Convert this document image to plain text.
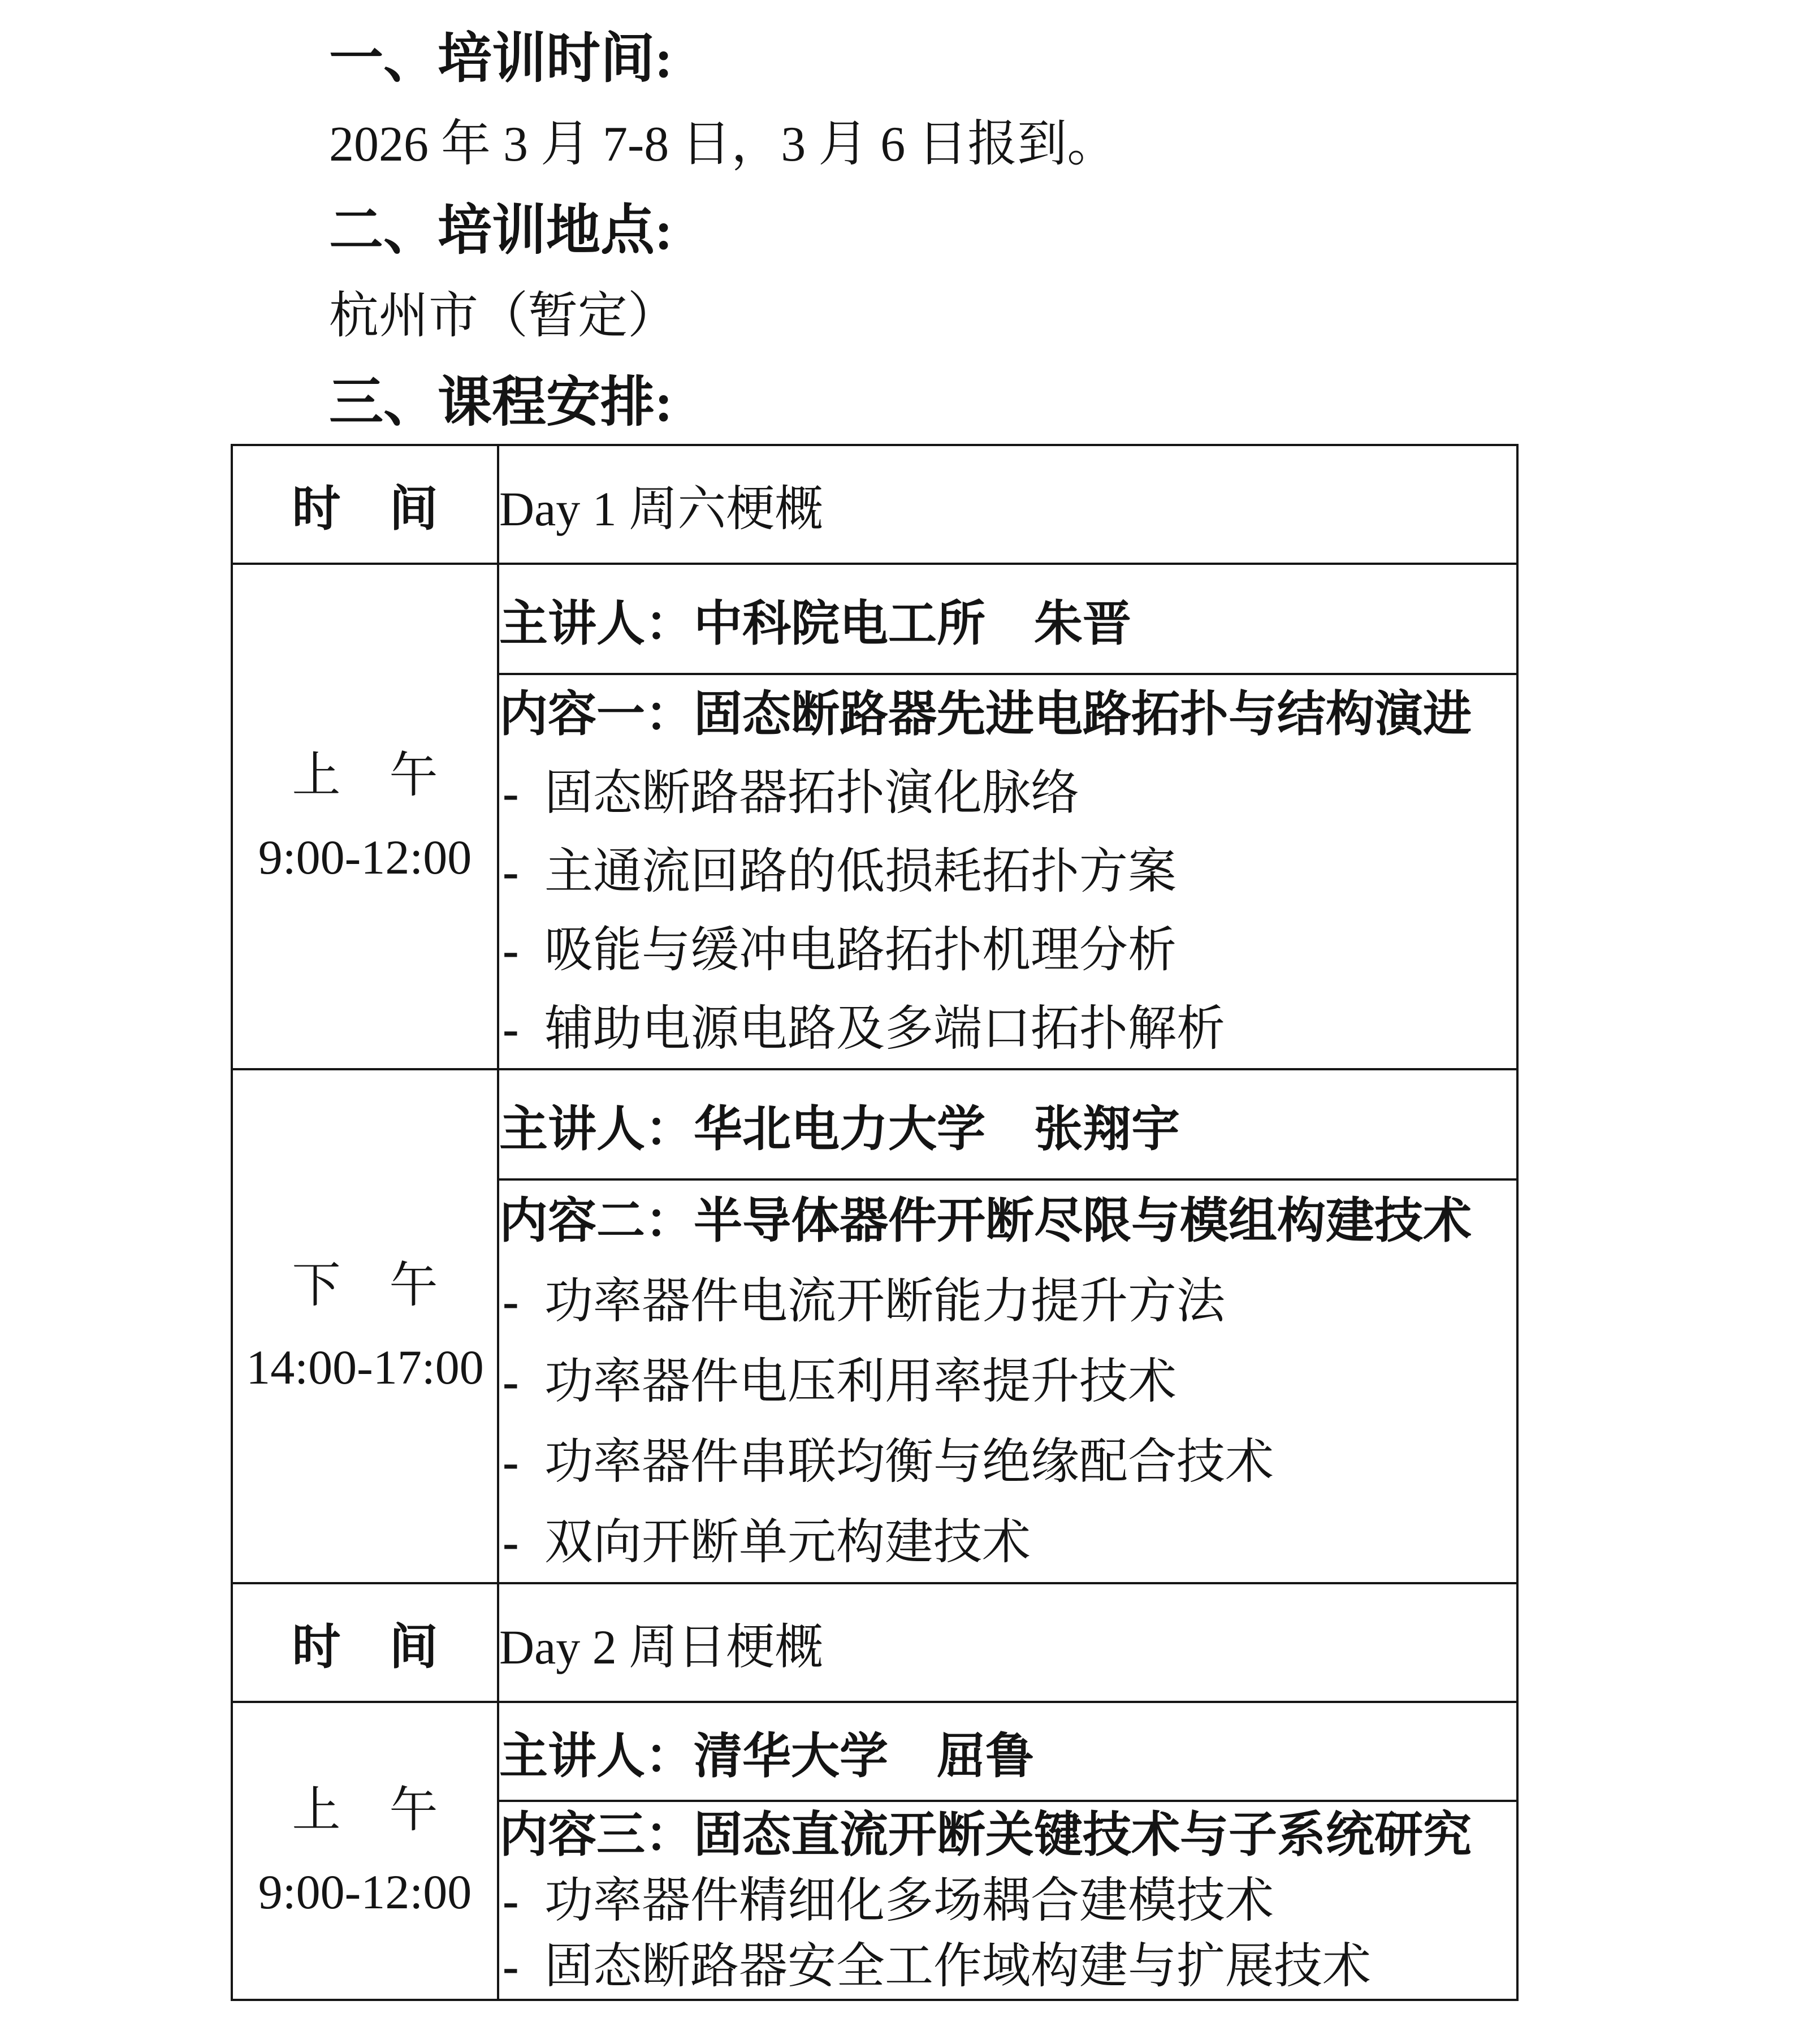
一、培训时间:
2026 年 3 月 7-8 日，3 月 6 日报到。
二、培训地点:
杭州市（暂定）
三、课程安排:
时　间	Day 1 周六梗概

上　午
9:00-12:00	主讲人：中科院电工所　朱晋

	内容一：固态断路器先进电路拓扑与结构演进
- 固态断路器拓扑演化脉络
- 主通流回路的低损耗拓扑方案
- 吸能与缓冲电路拓扑机理分析
- 辅助电源电路及多端口拓扑解析

下　午
14:00-17:00	主讲人：华北电力大学　张翔宇

	内容二：半导体器件开断尽限与模组构建技术
- 功率器件电流开断能力提升方法
- 功率器件电压利用率提升技术
- 功率器件串联均衡与绝缘配合技术
- 双向开断单元构建技术

时　间	Day 2 周日梗概

上　午
9:00-12:00	主讲人：清华大学　屈鲁

	内容三：固态直流开断关键技术与子系统研究
- 功率器件精细化多场耦合建模技术
- 固态断路器安全工作域构建与扩展技术
